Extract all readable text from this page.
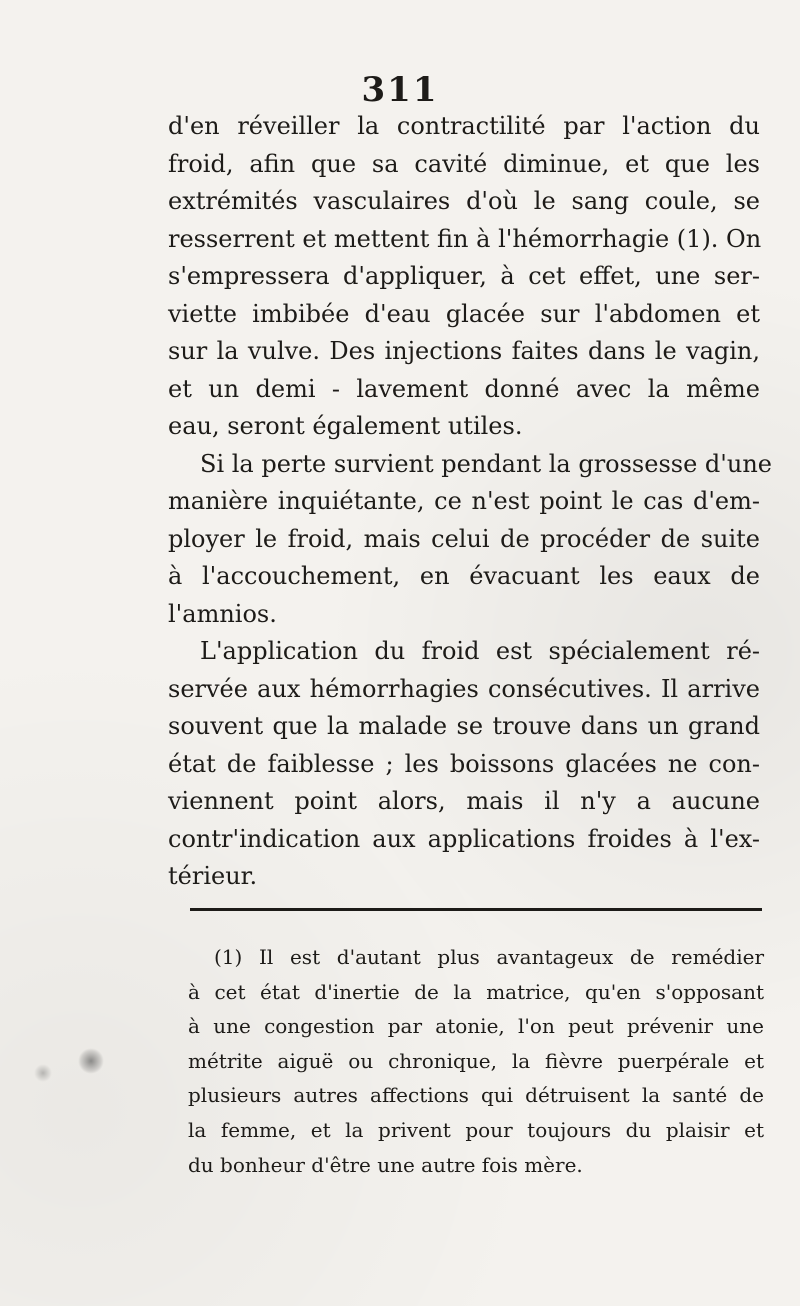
311
d'en réveiller la contractilité par l'action du
froid, afin que sa cavité diminue, et que les
extrémités vasculaires d'où le sang coule, se
resserrent et mettent fin à l'hémorrhagie (1). On
s'empressera d'appliquer, à cet effet, une ser-
viette imbibée d'eau glacée sur l'abdomen et
sur la vulve. Des injections faites dans le vagin,
et un demi - lavement donné avec la même
eau, seront également utiles.
Si la perte survient pendant la grossesse d'une
manière inquiétante, ce n'est point le cas d'em-
ployer le froid, mais celui de procéder de suite
à l'accouchement, en évacuant les eaux de
l'amnios.
L'application du froid est spécialement ré-
servée aux hémorrhagies consécutives. Il arrive
souvent que la malade se trouve dans un grand
état de faiblesse ; les boissons glacées ne con-
viennent point alors, mais il n'y a aucune
contr'indication aux applications froides à l'ex-
térieur.
(1) Il est d'autant plus avantageux de remédier
à cet état d'inertie de la matrice, qu'en s'opposant
à une congestion par atonie, l'on peut prévenir une
métrite aiguë ou chronique, la fièvre puerpérale et
plusieurs autres affections qui détruisent la santé de
la femme, et la privent pour toujours du plaisir et
du bonheur d'être une autre fois mère.
